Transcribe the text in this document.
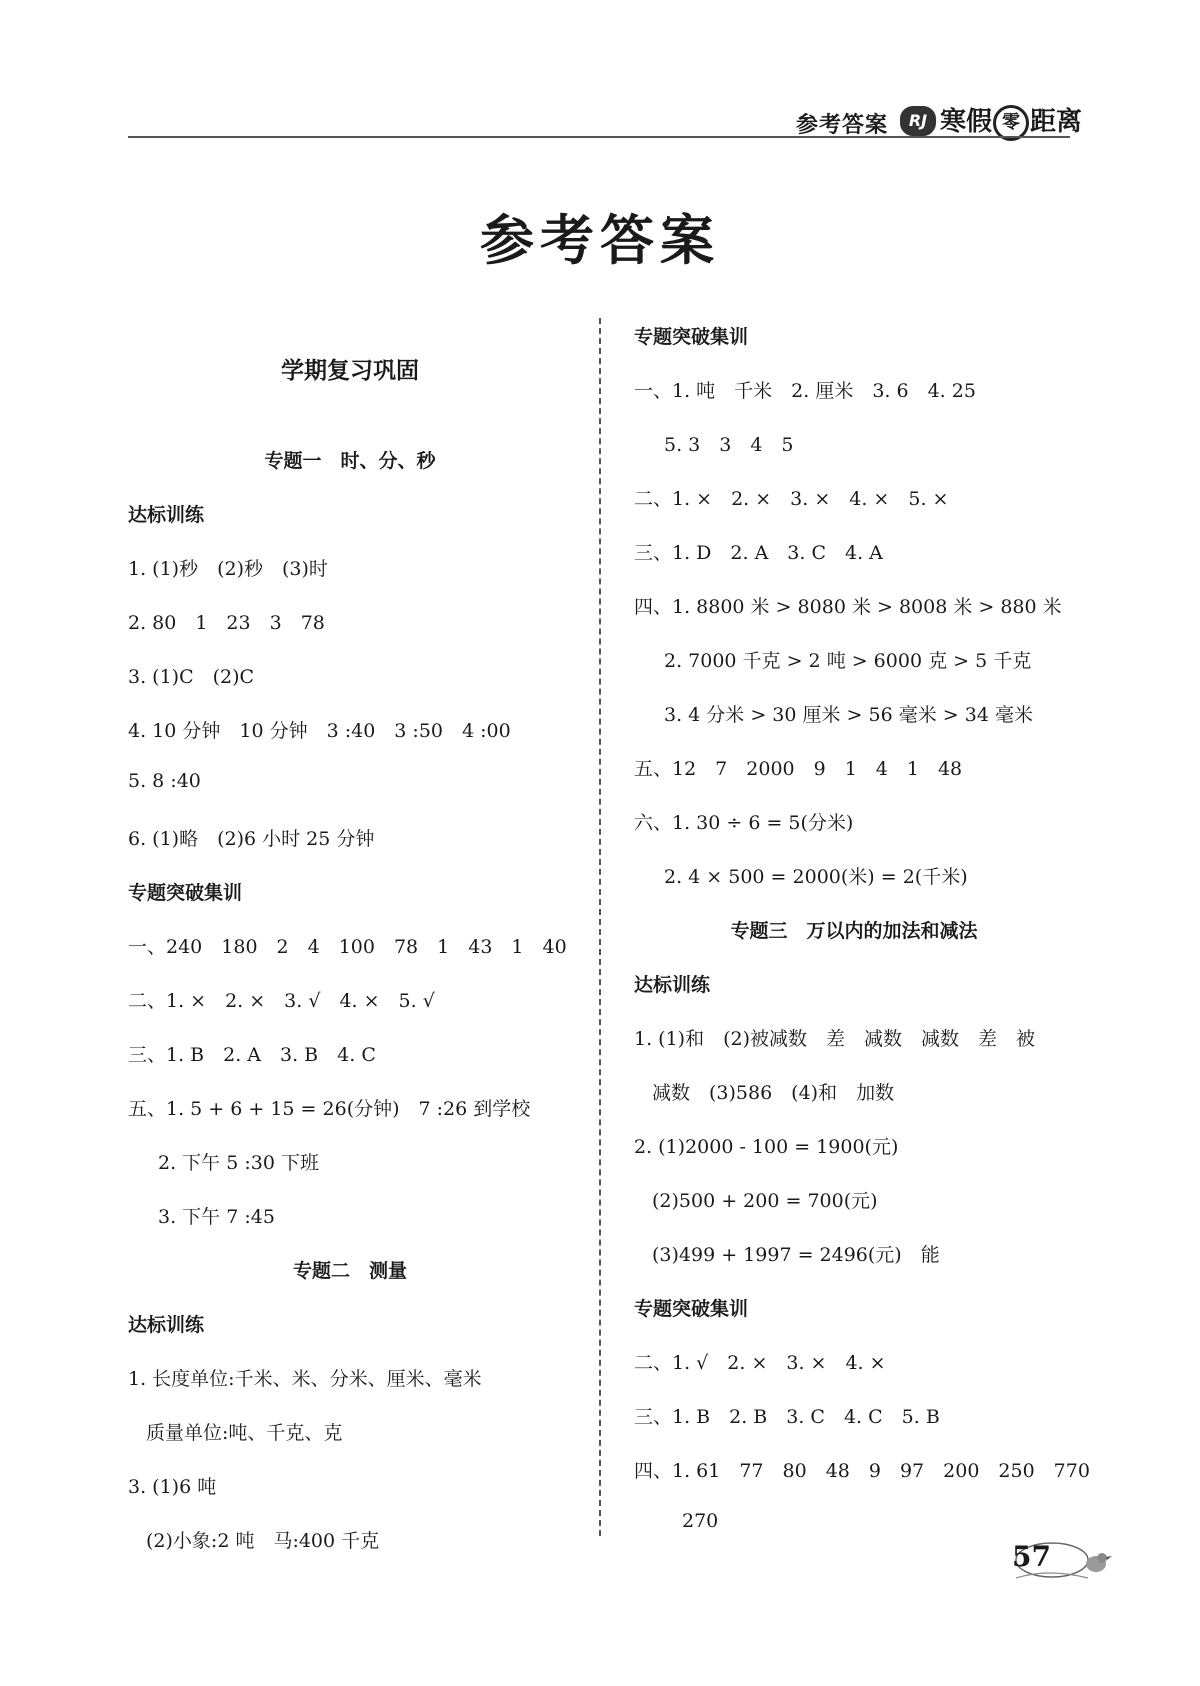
参考答案	RJ 寒假 零 距离
参考答案
学期复习巩固
专题一　时、分、秒
达标训练
1. (1)秒　(2)秒　(3)时
2. 80　1　23　3　78
3. (1)C　(2)C
4. 10 分钟　10 分钟　3 :40　3 :50　4 :00
5. 8 :40
6. (1)略　(2)6 小时 25 分钟
专题突破集训
一、240　180　2　4　100　78　1　43　1　40
二、1. ×　2. ×　3. √　4. ×　5. √
三、1. B　2. A　3. B　4. C
五、1. 5 + 6 + 15 = 26(分钟)　7 :26 到学校
2. 下午 5 :30 下班
3. 下午 7 :45
专题二　测量
达标训练
1. 长度单位:千米、米、分米、厘米、毫米
质量单位:吨、千克、克
3. (1)6 吨
(2)小象:2 吨　马:400 千克
专题突破集训
一、1. 吨　千米　2. 厘米　3. 6　4. 25
5. 3　3　4　5
二、1. ×　2. ×　3. ×　4. ×　5. ×
三、1. D　2. A　3. C　4. A
四、1. 8800 米 > 8080 米 > 8008 米 > 880 米
2. 7000 千克 > 2 吨 > 6000 克 > 5 千克
3. 4 分米 > 30 厘米 > 56 毫米 > 34 毫米
五、12　7　2000　9　1　4　1　48
六、1. 30 ÷ 6 = 5(分米)
2. 4 × 500 = 2000(米) = 2(千米)
专题三　万以内的加法和减法
达标训练
1. (1)和　(2)被减数　差　减数　减数　差　被
减数　(3)586　(4)和　加数
2. (1)2000 - 100 = 1900(元)
(2)500 + 200 = 700(元)
(3)499 + 1997 = 2496(元)　能
专题突破集训
二、1. √　2. ×　3. ×　4. ×
三、1. B　2. B　3. C　4. C　5. B
四、1. 61　77　80　48　9　97　200　250　770
270
57
